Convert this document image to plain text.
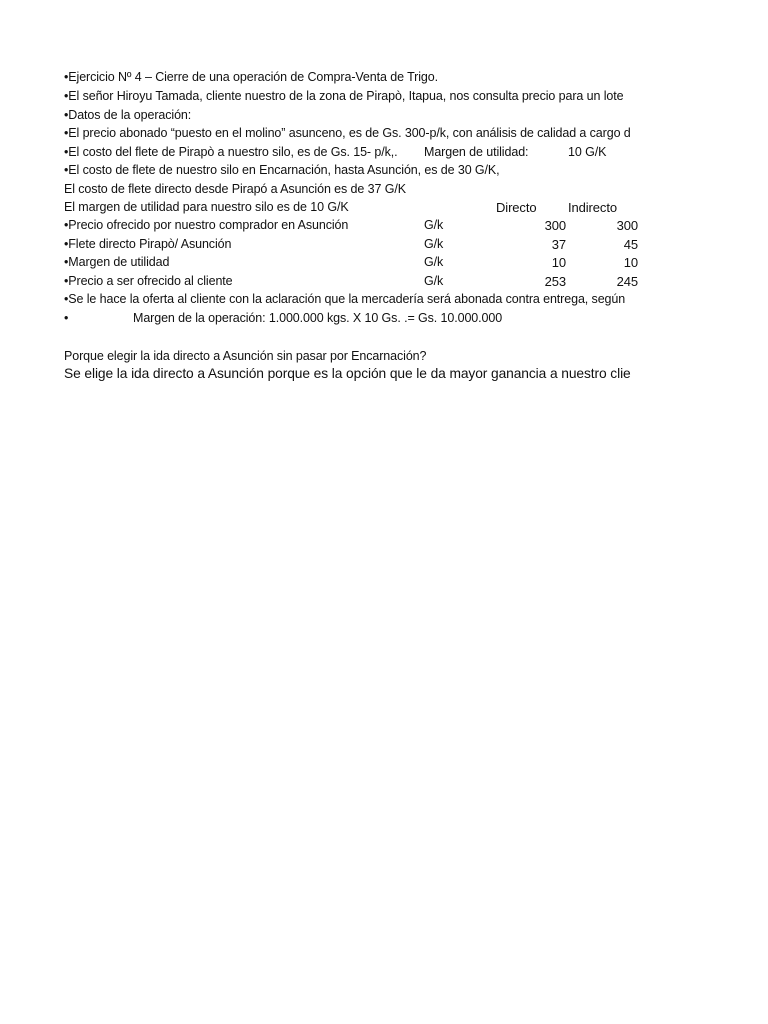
•Ejercicio Nº 4 – Cierre de una operación de Compra-Venta de Trigo.
•El señor Hiroyu Tamada, cliente nuestro de la zona de Pirapò, Itapua, nos consulta precio para un lote
•Datos de la operación:
•El precio abonado “puesto en el molino” asunceno, es de Gs. 300-p/k, con análisis de calidad a cargo d
•El costo del flete de Pirapò a nuestro silo, es de Gs. 15- p/k,. Margen de utilidad:	10 G/K
•El costo de flete de nuestro silo en Encarnación, hasta Asunción, es de 30 G/K,
El costo de flete directo desde Pirapó a Asunción es de 37 G/K
El margen de utilidad para nuestro silo es de 10 G/K	Directo Indirecto
•Precio ofrecido por nuestro comprador en Asunción	G/k	300	300
•Flete directo Pirapò/ Asunción	G/k	37	45
•Margen de utilidad	G/k	10	10
•Precio a ser ofrecido al cliente	G/k	253	245
•Se le hace la oferta al cliente con la aclaración que la mercadería será abonada contra entrega, según
•	Margen de la operación: 1.000.000 kgs. X 10 Gs. .= Gs. 10.000.000
Porque elegir la ida directo a Asunción sin pasar por Encarnación?
Se elige la ida directo a Asunción porque es la opción que le da mayor ganancia a nuestro clie
